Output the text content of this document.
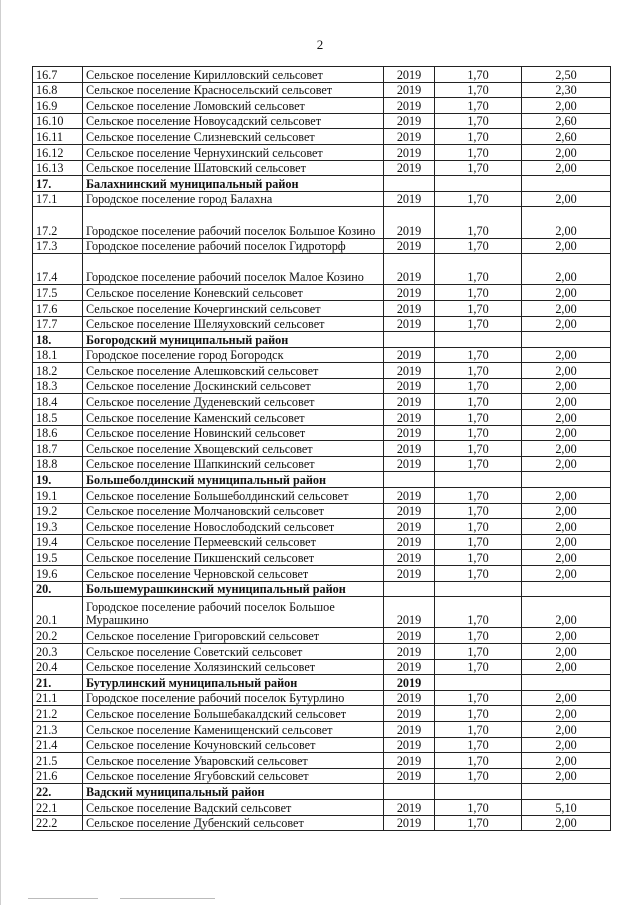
2
16.7	Сельское поселение Кирилловский сельсовет	2019	1,70	2,50
16.8	Сельское поселение Красносельский сельсовет	2019	1,70	2,30
16.9	Сельское поселение Ломовский сельсовет	2019	1,70	2,00
16.10	Сельское поселение Новоусадский сельсовет	2019	1,70	2,60
16.11	Сельское поселение Слизневский сельсовет	2019	1,70	2,60
16.12	Сельское поселение Чернухинский сельсовет	2019	1,70	2,00
16.13	Сельское поселение Шатовский сельсовет	2019	1,70	2,00
17.	Балахнинский муниципальный район			
17.1	Городское поселение город Балахна	2019	1,70	2,00
17.2	Городское поселение рабочий поселок Большое Козино	2019	1,70	2,00
17.3	Городское поселение рабочий поселок Гидроторф	2019	1,70	2,00
17.4	Городское поселение рабочий поселок Малое Козино	2019	1,70	2,00
17.5	Сельское поселение Коневский сельсовет	2019	1,70	2,00
17.6	Сельское поселение Кочергинский сельсовет	2019	1,70	2,00
17.7	Сельское поселение Шеляуховский сельсовет	2019	1,70	2,00
18.	Богородский муниципальный район			
18.1	Городское поселение город Богородск	2019	1,70	2,00
18.2	Сельское поселение Алешковский сельсовет	2019	1,70	2,00
18.3	Сельское поселение Доскинский сельсовет	2019	1,70	2,00
18.4	Сельское поселение Дуденевский сельсовет	2019	1,70	2,00
18.5	Сельское поселение Каменский сельсовет	2019	1,70	2,00
18.6	Сельское поселение Новинский сельсовет	2019	1,70	2,00
18.7	Сельское поселение Хвощевский сельсовет	2019	1,70	2,00
18.8	Сельское поселение Шапкинский сельсовет	2019	1,70	2,00
19.	Большеболдинский муниципальный район			
19.1	Сельское поселение Большеболдинский сельсовет	2019	1,70	2,00
19.2	Сельское поселение Молчановский сельсовет	2019	1,70	2,00
19.3	Сельское поселение Новослободский сельсовет	2019	1,70	2,00
19.4	Сельское поселение Пермеевский сельсовет	2019	1,70	2,00
19.5	Сельское поселение Пикшенский сельсовет	2019	1,70	2,00
19.6	Сельское поселение Черновской сельсовет	2019	1,70	2,00
20.	Большемурашкинский муниципальный район			
20.1	Городское поселение рабочий поселок Большое Мурашкино	2019	1,70	2,00
20.2	Сельское поселение Григоровский сельсовет	2019	1,70	2,00
20.3	Сельское поселение Советский сельсовет	2019	1,70	2,00
20.4	Сельское поселение Холязинский сельсовет	2019	1,70	2,00
21.	Бутурлинский муниципальный район	2019		
21.1	Городское поселение рабочий поселок Бутурлино	2019	1,70	2,00
21.2	Сельское поселение Большебакалдский сельсовет	2019	1,70	2,00
21.3	Сельское поселение Каменищенский сельсовет	2019	1,70	2,00
21.4	Сельское поселение Кочуновский сельсовет	2019	1,70	2,00
21.5	Сельское поселение Уваровский сельсовет	2019	1,70	2,00
21.6	Сельское поселение Ягубовский сельсовет	2019	1,70	2,00
22.	Вадский муниципальный район			
22.1	Сельское поселение Вадский сельсовет	2019	1,70	5,10
22.2	Сельское поселение Дубенский сельсовет	2019	1,70	2,00
